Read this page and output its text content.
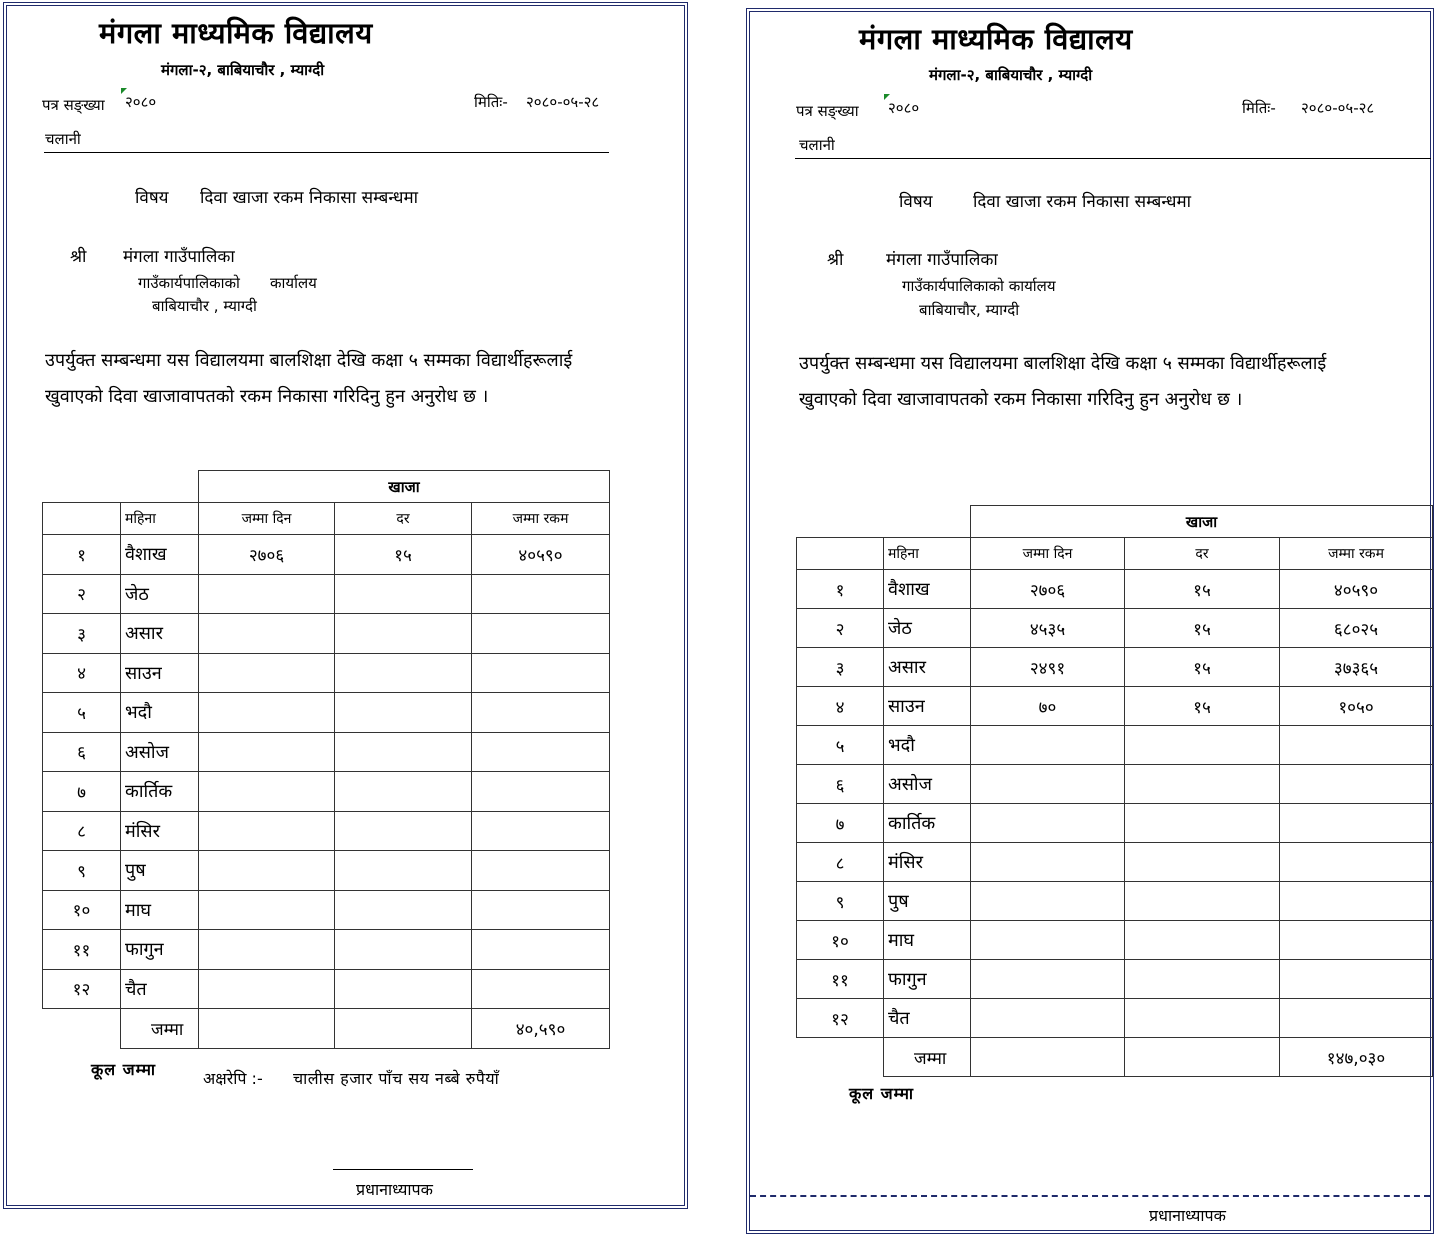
मंगला माध्यमिक विद्यालय
मंगला-२, बाबियाचौर , म्याग्दी
पत्र सङ्ख्या २०८०	मितिः- २०८०-०५-२८
चलानी
विषय दिवा खाजा रकम निकासा सम्बन्धमा
श्री मंगला गाउँपालिका
गाउँकार्यपालिकाको कार्यालय
बाबियाचौर , म्याग्दी
उपर्युक्त सम्बन्धमा यस विद्यालयमा बालशिक्षा देखि कक्षा ५ सम्मका विद्यार्थीहरूलाई
खुवाएको दिवा खाजावापतको रकम निकासा गरिदिनु हुन अनुरोध छ ।
		खाजा		
	महिना	जम्मा दिन	दर	जम्मा रकम
१	वैशाख	२७०६	१५	४०५९०
२	जेठ			
३	असार			
४	साउन			
५	भदौ			
६	असोज			
७	कार्तिक			
८	मंसिर			
९	पुष			
१०	माघ			
११	फागुन			
१२	चैत			
	जम्मा			४०,५९०
कूल जम्मा	अक्षरेपि :- चालीस हजार पाँच सय नब्बे रुपैयाँ
प्रधानाध्यापक
मंगला माध्यमिक विद्यालय
मंगला-२, बाबियाचौर , म्याग्दी
पत्र सङ्ख्या २०८०	मितिः- २०८०-०५-२८
चलानी
विषय दिवा खाजा रकम निकासा सम्बन्धमा
श्री	मंगला गाउँपालिका
गाउँकार्यपालिकाको कार्यालय
बाबियाचौर, म्याग्दी
उपर्युक्त सम्बन्धमा यस विद्यालयमा बालशिक्षा देखि कक्षा ५ सम्मका विद्यार्थीहरूलाई
खुवाएको दिवा खाजावापतको रकम निकासा गरिदिनु हुन अनुरोध छ ।
		खाजा		
	महिना	जम्मा दिन	दर	जम्मा रकम
१	वैशाख	२७०६	१५	४०५९०
२	जेठ	४५३५	१५	६८०२५
३	असार	२४९१	१५	३७३६५
४	साउन	७०	१५	१०५०
५	भदौ			
६	असोज			
७	कार्तिक			
८	मंसिर			
९	पुष			
१०	माघ			
११	फागुन			
१२	चैत			
	जम्मा			१४७,०३०
कूल जम्मा
प्रधानाध्यापक
